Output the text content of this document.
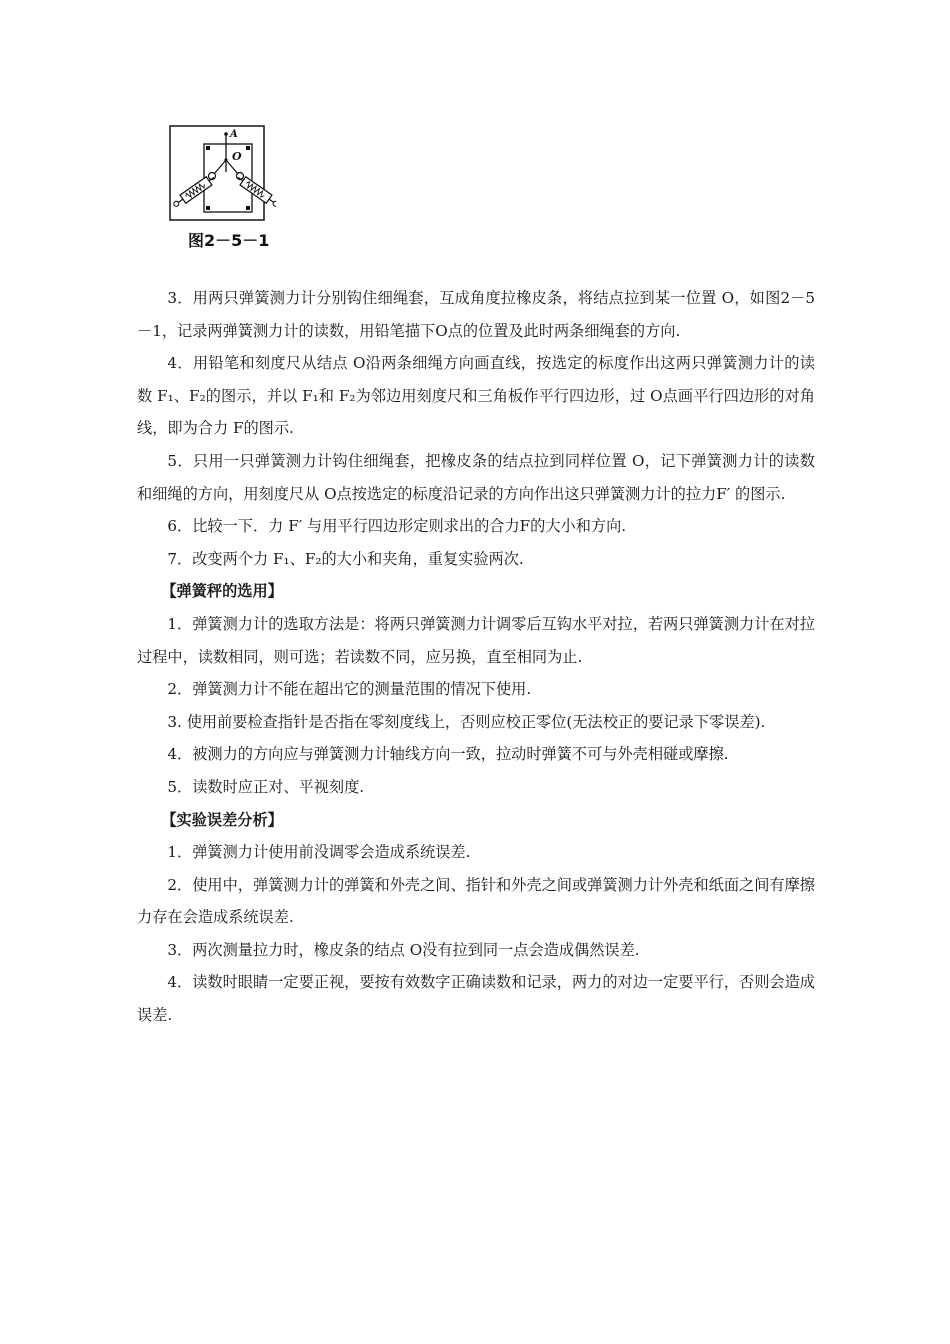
A
O
图2－5－1

3．用两只弹簧测力计分别钩住细绳套，互成角度拉橡皮条，将结点拉到某一位置 O，如图2－5－1，记录两弹簧测力计的读数，用铅笔描下O点的位置及此时两条细绳套的方向.

4．用铅笔和刻度尺从结点 O沿两条细绳方向画直线，按选定的标度作出这两只弹簧测力计的读数 F₁、F₂的图示，并以 F₁和 F₂为邻边用刻度尺和三角板作平行四边形，过 O点画平行四边形的对角线，即为合力 F的图示.

5．只用一只弹簧测力计钩住细绳套，把橡皮条的结点拉到同样位置 O，记下弹簧测力计的读数和细绳的方向，用刻度尺从 O点按选定的标度沿记录的方向作出这只弹簧测力计的拉力F′ 的图示.

6．比较一下．力 F′ 与用平行四边形定则求出的合力F的大小和方向.

7．改变两个力 F₁、F₂的大小和夹角，重复实验两次.

【弹簧秤的选用】

1．弹簧测力计的选取方法是：将两只弹簧测力计调零后互钩水平对拉，若两只弹簧测力计在对拉过程中，读数相同，则可选；若读数不同，应另换，直至相同为止.

2．弹簧测力计不能在超出它的测量范围的情况下使用.

3. 使用前要检查指针是否指在零刻度线上，否则应校正零位(无法校正的要记录下零误差).

4．被测力的方向应与弹簧测力计轴线方向一致，拉动时弹簧不可与外壳相碰或摩擦.

5．读数时应正对、平视刻度.

【实验误差分析】

1．弹簧测力计使用前没调零会造成系统误差.

2．使用中，弹簧测力计的弹簧和外壳之间、指针和外壳之间或弹簧测力计外壳和纸面之间有摩擦力存在会造成系统误差.

3．两次测量拉力时，橡皮条的结点 O没有拉到同一点会造成偶然误差.

4．读数时眼睛一定要正视，要按有效数字正确读数和记录，两力的对边一定要平行，否则会造成误差.
